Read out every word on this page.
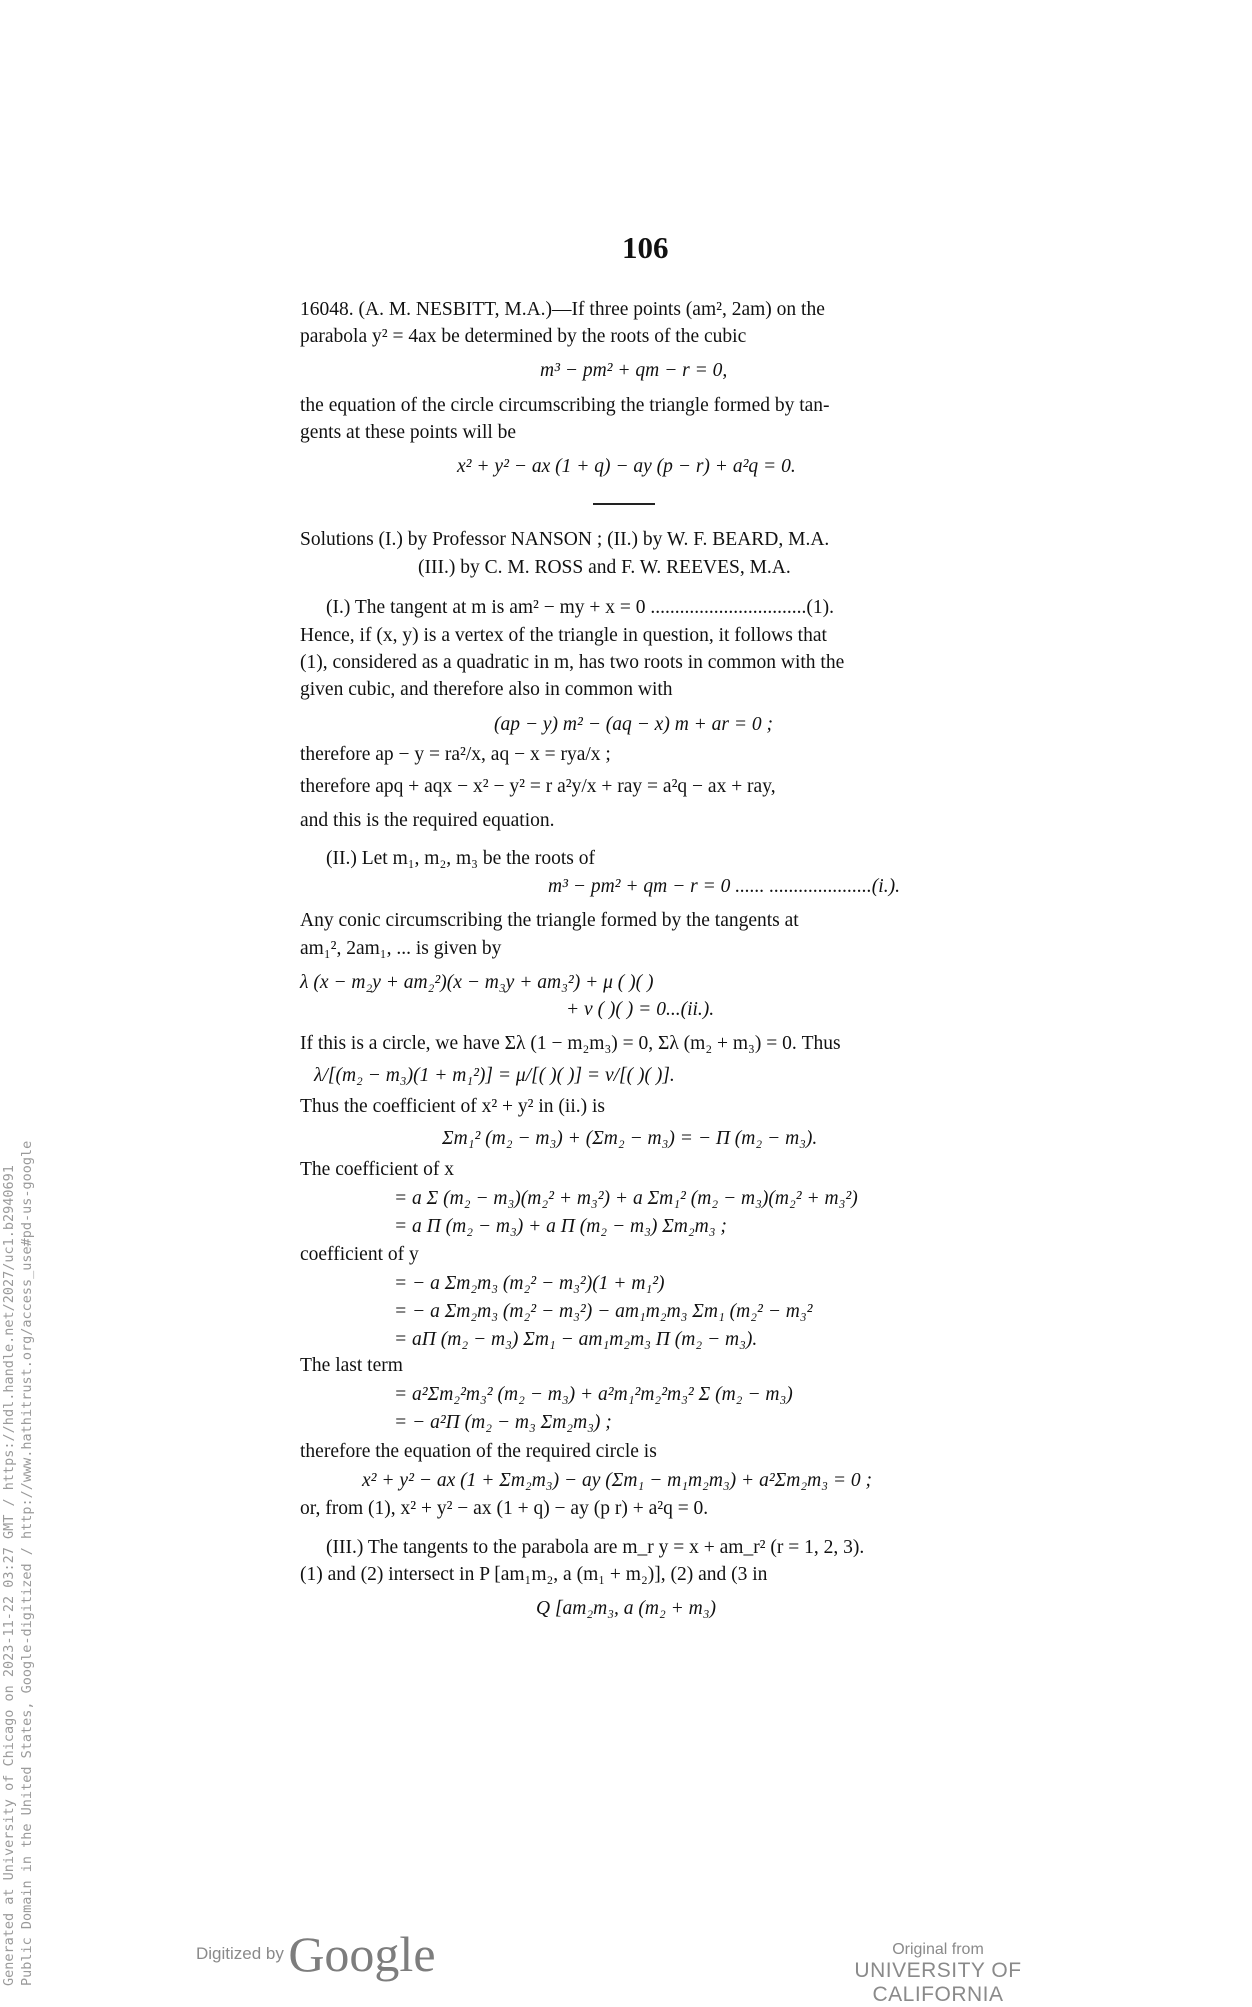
106
16048. (A. M. NESBITT, M.A.)—If three points (am², 2am) on the
parabola y² = 4ax be determined by the roots of the cubic
m³ − pm² + qm − r = 0,
the equation of the circle circumscribing the triangle formed by tan-
gents at these points will be
x² + y² − ax (1 + q) − ay (p − r) + a²q = 0.
Solutions (I.) by Professor NANSON ; (II.) by W. F. BEARD, M.A.
(III.) by C. M. ROSS and F. W. REEVES, M.A.
(I.) The tangent at m is am² − my + x = 0 ................................(1).
Hence, if (x, y) is a vertex of the triangle in question, it follows that
(1), considered as a quadratic in m, has two roots in common with the
given cubic, and therefore also in common with
(ap − y) m² − (aq − x) m + ar = 0 ;
therefore ap − y = ra²/x, aq − x = rya/x ;
therefore apq + aqx − x² − y² = r a²y/x + ray = a²q − ax + ray,
and this is the required equation.
(II.) Let m₁, m₂, m₃ be the roots of
m³ − pm² + qm − r = 0 ...... .....................(i.).
Any conic circumscribing the triangle formed by the tangents at
am₁², 2am₁, ... is given by
λ (x − m₂y + am₂²)(x − m₃y + am₃²) + μ ( )( )
+ ν ( )( ) = 0...(ii.).
If this is a circle, we have Σλ (1 − m₂m₃) = 0, Σλ (m₂ + m₃) = 0. Thus
λ/[(m₂ − m₃)(1 + m₁²)] = μ/[( )( )] = ν/[( )( )].
Thus the coefficient of x² + y² in (ii.) is
Σm₁² (m₂ − m₃) + (Σm₂ − m₃) = − Π (m₂ − m₃).
The coefficient of x
= a Σ (m₂ − m₃)(m₂² + m₃²) + a Σm₁² (m₂ − m₃)(m₂² + m₃²)
= a Π (m₂ − m₃) + a Π (m₂ − m₃) Σm₂m₃ ;
coefficient of y
= − a Σm₂m₃ (m₂² − m₃²)(1 + m₁²)
= − a Σm₂m₃ (m₂² − m₃²) − am₁m₂m₃ Σm₁ (m₂² − m₃²
= aΠ (m₂ − m₃) Σm₁ − am₁m₂m₃ Π (m₂ − m₃).
The last term
= a²Σm₂²m₃² (m₂ − m₃) + a²m₁²m₂²m₃² Σ (m₂ − m₃)
= − a²Π (m₂ − m₃ Σm₂m₃) ;
therefore the equation of the required circle is
x² + y² − ax (1 + Σm₂m₃) − ay (Σm₁ − m₁m₂m₃) + a²Σm₂m₃ = 0 ;
or, from (1), x² + y² − ax (1 + q) − ay (p r) + a²q = 0.
(III.) The tangents to the parabola are m_r y = x + am_r² (r = 1, 2, 3).
(1) and (2) intersect in P [am₁m₂, a (m₁ + m₂)], (2) and (3 in
Q [am₂m₃, a (m₂ + m₃)
Generated at University of Chicago on 2023-11-22 03:27 GMT / https://hdl.handle.net/2027/uc1.b2940691 Public Domain in the United States, Google-digitized / http://www.hathitrust.org/access_use#pd-us-google	Digitized by Google	Original from
UNIVERSITY OF CALIFORNIA
